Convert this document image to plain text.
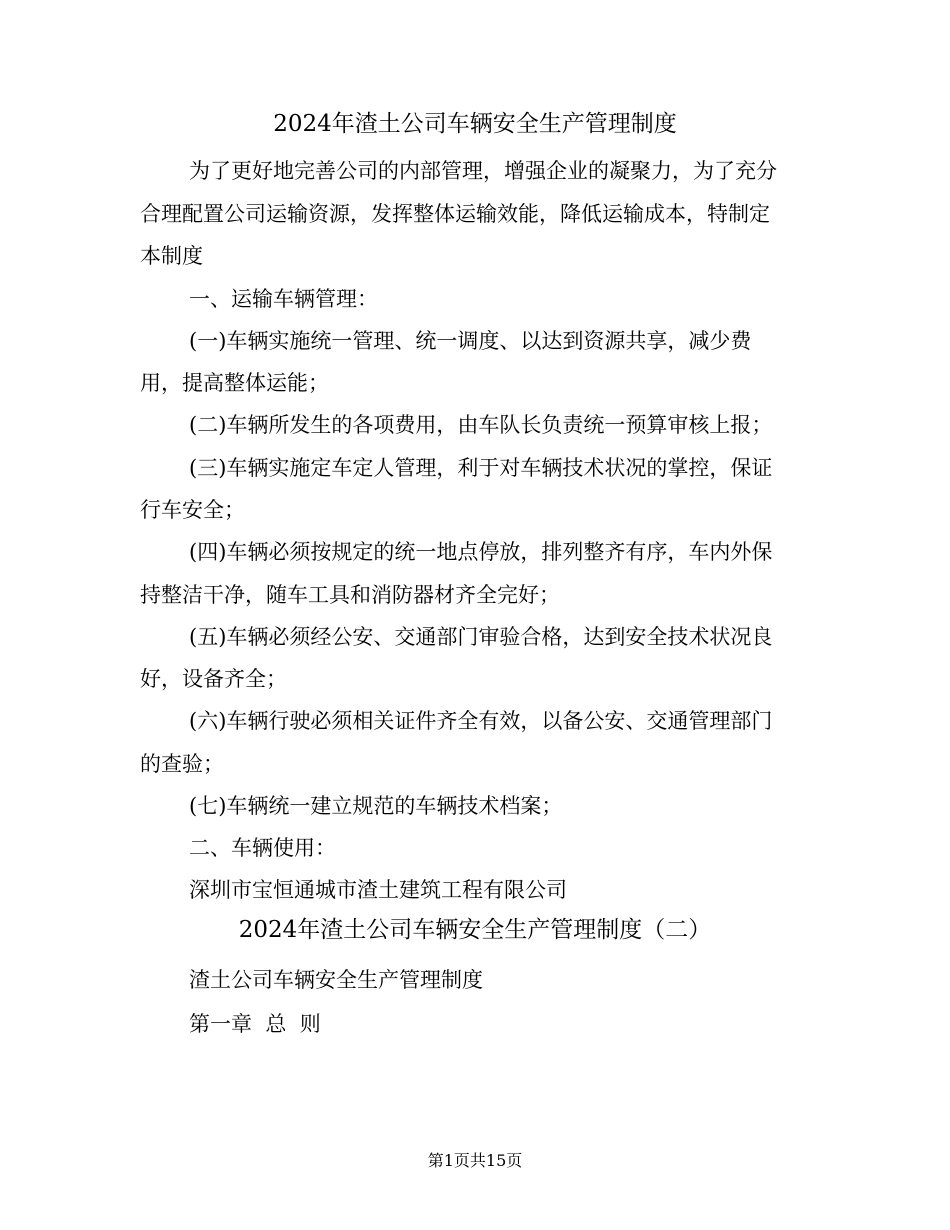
2024年渣土公司车辆安全生产管理制度
为了更好地完善公司的内部管理，增强企业的凝聚力，为了充分
合理配置公司运输资源，发挥整体运输效能，降低运输成本，特制定
本制度
一、运输车辆管理：
(一)车辆实施统一管理、统一调度、以达到资源共享，减少费
用，提高整体运能；
(二)车辆所发生的各项费用，由车队长负责统一预算审核上报；
(三)车辆实施定车定人管理，利于对车辆技术状况的掌控，保证
行车安全；
(四)车辆必须按规定的统一地点停放，排列整齐有序，车内外保
持整洁干净，随车工具和消防器材齐全完好；
(五)车辆必须经公安、交通部门审验合格，达到安全技术状况良
好，设备齐全；
(六)车辆行驶必须相关证件齐全有效，以备公安、交通管理部门
的查验；
(七)车辆统一建立规范的车辆技术档案；
二、车辆使用：
深圳市宝恒通城市渣土建筑工程有限公司
2024年渣土公司车辆安全生产管理制度（二）
渣土公司车辆安全生产管理制度
第一章  总  则
第1页共15页
